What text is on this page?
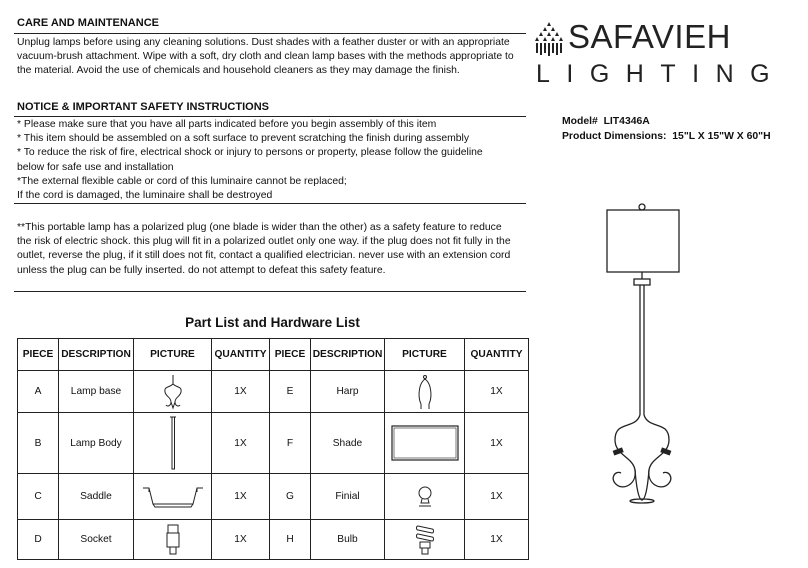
CARE AND MAINTENANCE
Unplug lamps before using any cleaning solutions. Dust shades with a feather duster or with an appropriate
vacuum-brush attachment. Wipe with a soft, dry cloth and clean lamp bases with the methods appropriate to
the material. Avoid the use of chemicals and household cleaners as they may damage the finish.
NOTICE & IMPORTANT SAFETY INSTRUCTIONS
* Please make sure that you have all parts indicated before you begin assembly of this item
* This item should be assembled on a soft surface to prevent scratching the finish during assembly
* To reduce the risk of fire, electrical shock or injury to persons or property, please follow the guideline
below for safe use and installation
*The external flexible cable or cord of this luminaire cannot be replaced;
If the cord is damaged, the luminaire shall be destroyed
**This portable lamp has a polarized plug (one blade is wider than the other) as a safety feature to reduce
the risk of electric shock. this plug will fit in a polarized outlet only one way. if the plug does not fit fully in the
outlet, reverse the plug, if it still does not fit, contact a qualified electrician. never use with an extension cord
unless the plug can be fully inserted. do not attempt to defeat this safety feature.
SAFAVIEH
LIGHTING
Model# LIT4346A
Product Dimensions: 15"L X 15"W X 60"H
Part List and Hardware List
PIECE	DESCRIPTION	PICTURE	QUANTITY	PIECE	DESCRIPTION	PICTURE	QUANTITY
A	Lamp base		1X	E	Harp		1X
B	Lamp Body		1X	F	Shade		1X
C	Saddle		1X	G	Finial		1X
D	Socket		1X	H	Bulb		1X
